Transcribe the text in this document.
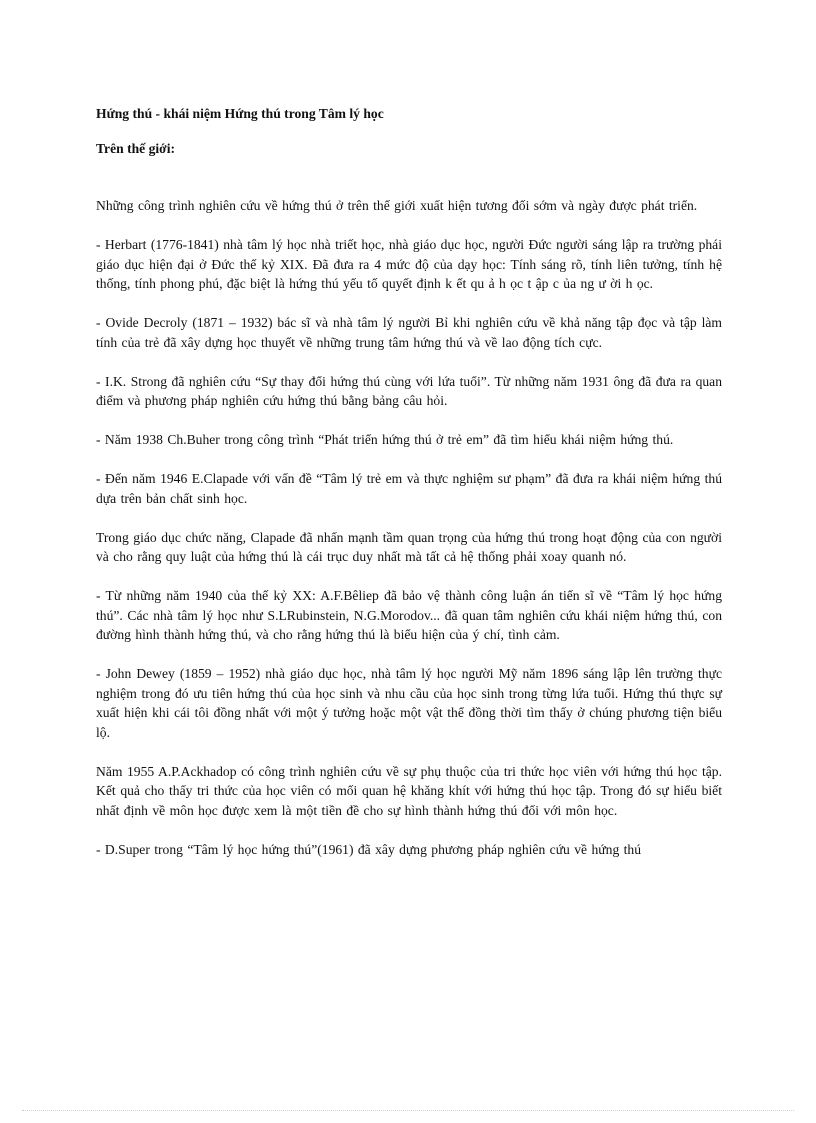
Hứng thú - khái niệm Hứng thú trong Tâm lý học

Trên thế giới:

Những công trình nghiên cứu về hứng thú ở trên thế giới xuất hiện tương đối sớm và ngày được phát triển.

- Herbart (1776-1841) nhà tâm lý học nhà triết học, nhà giáo dục học, người Đức người sáng lập ra trường phái giáo dục hiện đại ở Đức thế kỷ XIX. Đã đưa ra 4 mức độ của dạy học: Tính sáng rõ, tính liên tưởng, tính hệ thống, tính phong phú, đặc biệt là hứng thú yếu tố quyết định k ết qu ả h ọc t ập c ủa ng ư ời h ọc.

- Ovide Decroly (1871 – 1932) bác sĩ và nhà tâm lý người Bỉ khi nghiên cứu về khả năng tập đọc và tập làm tính của trẻ đã xây dựng học thuyết về những trung tâm hứng thú và về lao động tích cực.

- I.K. Strong đã nghiên cứu “Sự thay đổi hứng thú cùng với lứa tuổi”. Từ những năm 1931 ông đã đưa ra quan điểm và phương pháp nghiên cứu hứng thú bằng bảng câu hỏi.

- Năm 1938 Ch.Buher trong công trình “Phát triển hứng thú ở trẻ em” đã tìm hiểu khái niệm hứng thú.

- Đến năm 1946 E.Clapade với vấn đề “Tâm lý trẻ em và thực nghiệm sư phạm” đã đưa ra khái niệm hứng thú dựa trên bản chất sinh học.

Trong giáo dục chức năng, Clapade đã nhấn mạnh tầm quan trọng của hứng thú trong hoạt động của con người và cho rằng quy luật của hứng thú là cái trục duy nhất mà tất cả hệ thống phải xoay quanh nó.

- Từ những năm 1940 của thế kỷ XX: A.F.Bêliep đã bảo vệ thành công luận án tiến sĩ về “Tâm lý học hứng thú”. Các nhà tâm lý học như S.LRubinstein, N.G.Morodov... đã quan tâm nghiên cứu khái niệm hứng thú, con đường hình thành hứng thú, và cho rằng hứng thú là biểu hiện của ý chí, tình cảm.

- John Dewey (1859 – 1952) nhà giáo dục học, nhà tâm lý học người Mỹ năm 1896 sáng lập lên trường thực nghiệm trong đó ưu tiên hứng thú của học sinh và nhu cầu của học sinh trong từng lứa tuổi. Hứng thú thực sự xuất hiện khi cái tôi đồng nhất với một ý tưởng hoặc một vật thể đồng thời tìm thấy ở chúng phương tiện biểu lộ.

Năm 1955 A.P.Ackhadop có công trình nghiên cứu về sự phụ thuộc của tri thức học viên với hứng thú học tập. Kết quả cho thấy tri thức của học viên có mối quan hệ khăng khít với hứng thú học tập. Trong đó sự hiểu biết nhất định về môn học được xem là một tiền đề cho sự hình thành hứng thú đối với môn học.

- D.Super trong “Tâm lý học hứng thú”(1961) đã xây dựng phương pháp nghiên cứu về hứng thú
